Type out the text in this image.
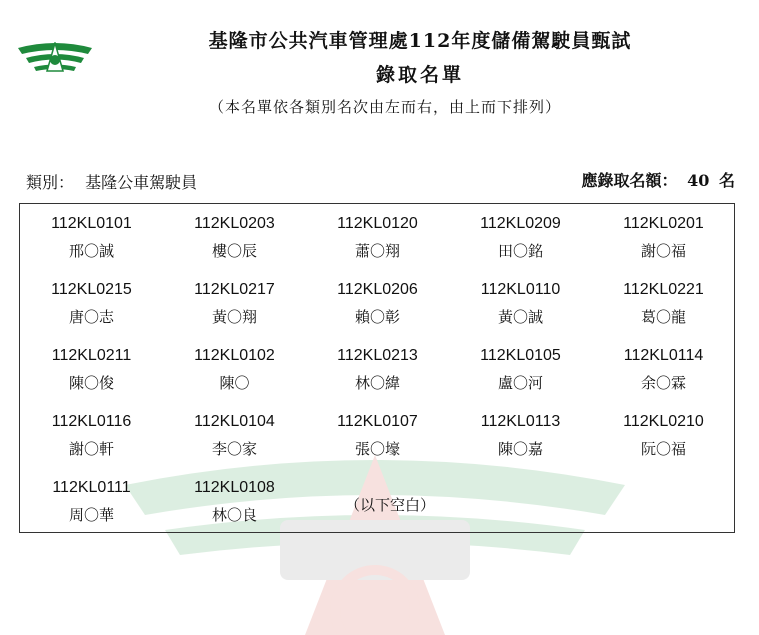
基隆市公共汽車管理處112年度儲備駕駛員甄試
錄取名單
（本名單依各類別名次由左而右，由上而下排列）
類別： 基隆公車駕駛員	應錄取名額： 40 名
112KL0101
邢〇誠
112KL0203
樓〇辰
112KL0120
蕭〇翔
112KL0209
田〇銘
112KL0201
謝〇福
112KL0215
唐〇志
112KL0217
黃〇翔
112KL0206
賴〇彰
112KL0110
黃〇誠
112KL0221
葛〇龍
112KL0211
陳〇俊
112KL0102
陳〇
112KL0213
林〇緯
112KL0105
盧〇河
112KL0114
余〇霖
112KL0116
謝〇軒
112KL0104
李〇家
112KL0107
張〇壕
112KL0113
陳〇嘉
112KL0210
阮〇福
112KL0111
周〇華
112KL0108
林〇良
（以下空白）
